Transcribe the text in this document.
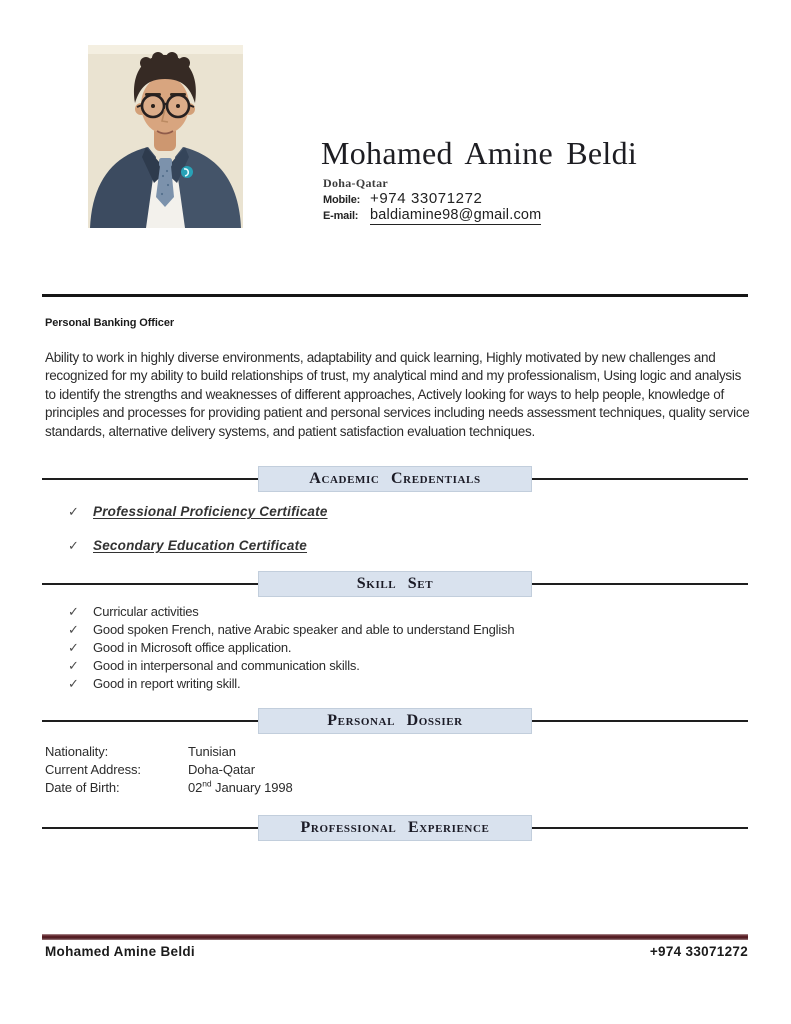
Mohamed Amine Beldi
Doha-Qatar
Mobile: +974 33071272
E-mail: baldiamine98@gmail.com
Personal Banking Officer
Ability to work in highly diverse environments, adaptability and quick learning, Highly motivated by new challenges and recognized for my ability to build relationships of trust, my analytical mind and my professionalism, Using logic and analysis to identify the strengths and weaknesses of different approaches, Actively looking for ways to help people, knowledge of principles and processes for providing patient and personal services including needs assessment techniques, quality service standards, alternative delivery systems, and patient satisfaction evaluation techniques.
Academic Credentials
✓ Professional Proficiency Certificate
✓ Secondary Education Certificate
Skill Set
✓ Curricular activities
✓ Good spoken French, native Arabic speaker and able to understand English
✓ Good in Microsoft office application.
✓ Good in interpersonal and communication skills.
✓ Good in report writing skill.
Personal Dossier
Nationality:	Tunisian
Current Address:	Doha-Qatar
Date of Birth:	02nd January 1998
Professional Experience
Mohamed Amine Beldi	+974 33071272
